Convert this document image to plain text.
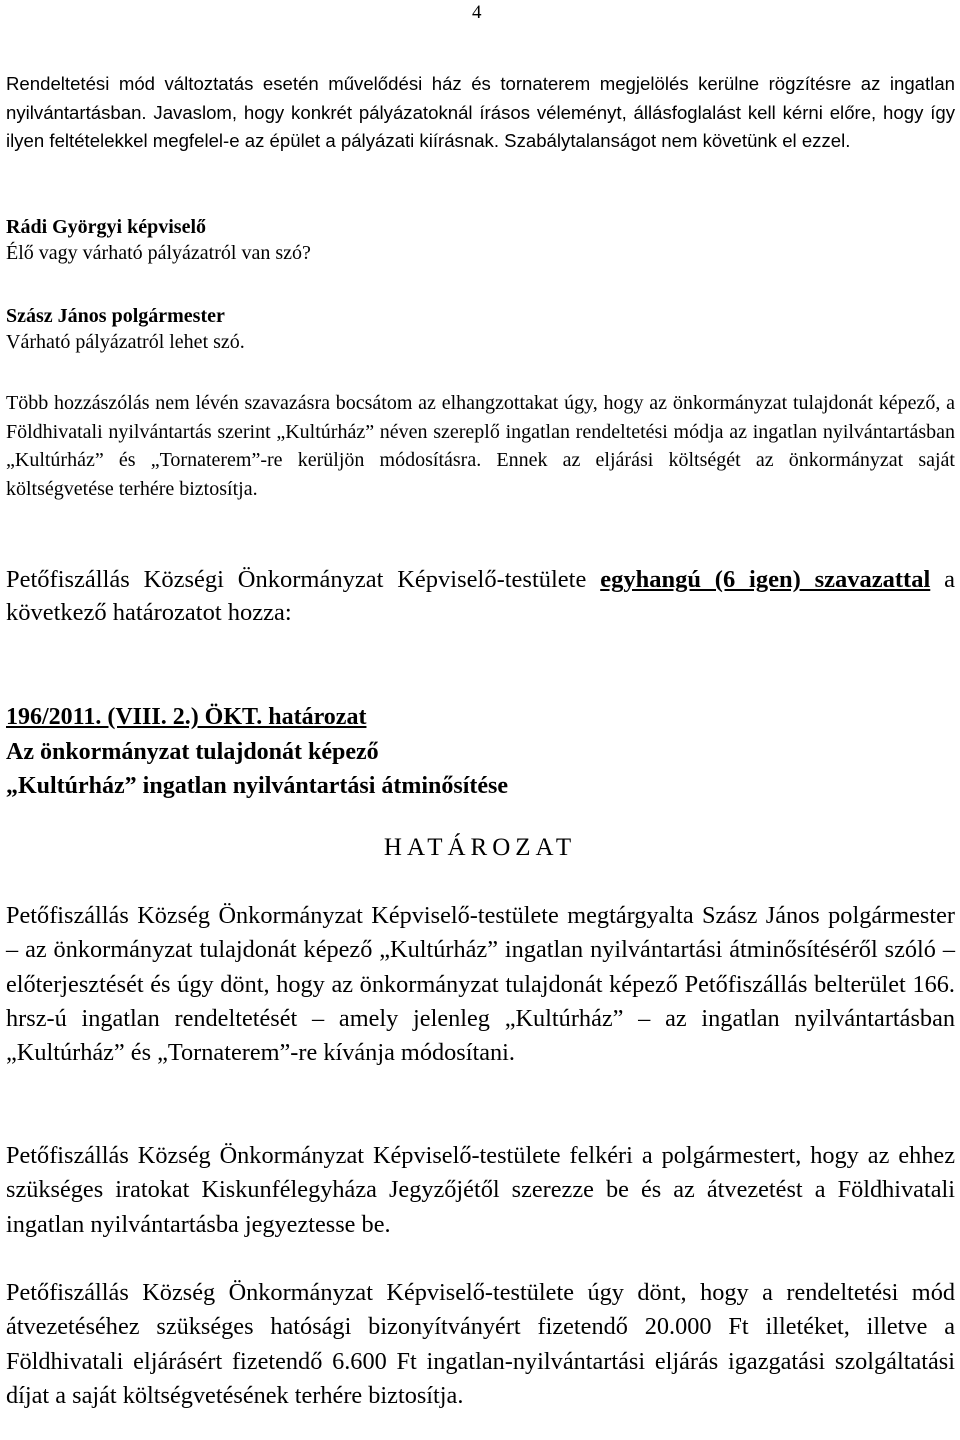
4
Rendeltetési mód változtatás esetén művelődési ház és tornaterem megjelölés kerülne rögzítésre az ingatlan nyilvántartásban. Javaslom, hogy konkrét pályázatoknál írásos véleményt, állásfoglalást kell kérni előre, hogy így ilyen feltételekkel megfelel-e az épület a pályázati kiírásnak. Szabálytalanságot nem követünk el ezzel.
Rádi Györgyi képviselő
Élő vagy várható pályázatról van szó?
Szász János polgármester
Várható pályázatról lehet szó.
Több hozzászólás nem lévén szavazásra bocsátom az elhangzottakat úgy, hogy az önkormányzat tulajdonát képező, a Földhivatali nyilvántartás szerint „Kultúrház” néven szereplő ingatlan rendeltetési módja az ingatlan nyilvántartásban „Kultúrház” és „Tornaterem”-re kerüljön módosításra. Ennek az eljárási költségét az önkormányzat saját költségvetése terhére biztosítja.
Petőfiszállás Községi Önkormányzat Képviselő-testülete egyhangú (6 igen) szavazattal a következő határozatot hozza:
196/2011. (VIII. 2.) ÖKT. határozat
Az önkormányzat tulajdonát képező
„Kultúrház” ingatlan nyilvántartási átminősítése
HATÁROZAT
Petőfiszállás Község Önkormányzat Képviselő-testülete megtárgyalta Szász János polgármester – az önkormányzat tulajdonát képező „Kultúrház” ingatlan nyilvántartási átminősítéséről szóló – előterjesztését és úgy dönt, hogy az önkormányzat tulajdonát képező Petőfiszállás belterület 166. hrsz-ú ingatlan rendeltetését – amely jelenleg „Kultúrház” – az ingatlan nyilvántartásban „Kultúrház” és „Tornaterem”-re kívánja módosítani.
Petőfiszállás Község Önkormányzat Képviselő-testülete felkéri a polgármestert, hogy az ehhez szükséges iratokat Kiskunfélegyháza Jegyzőjétől szerezze be és az átvezetést a Földhivatali ingatlan nyilvántartásba jegyeztesse be.
Petőfiszállás Község Önkormányzat Képviselő-testülete úgy dönt, hogy a rendeltetési mód átvezetéséhez szükséges hatósági bizonyítványért fizetendő 20.000 Ft illetéket, illetve a Földhivatali eljárásért fizetendő 6.600 Ft ingatlan-nyilvántartási eljárás igazgatási szolgáltatási díjat a saját költségvetésének terhére biztosítja.
